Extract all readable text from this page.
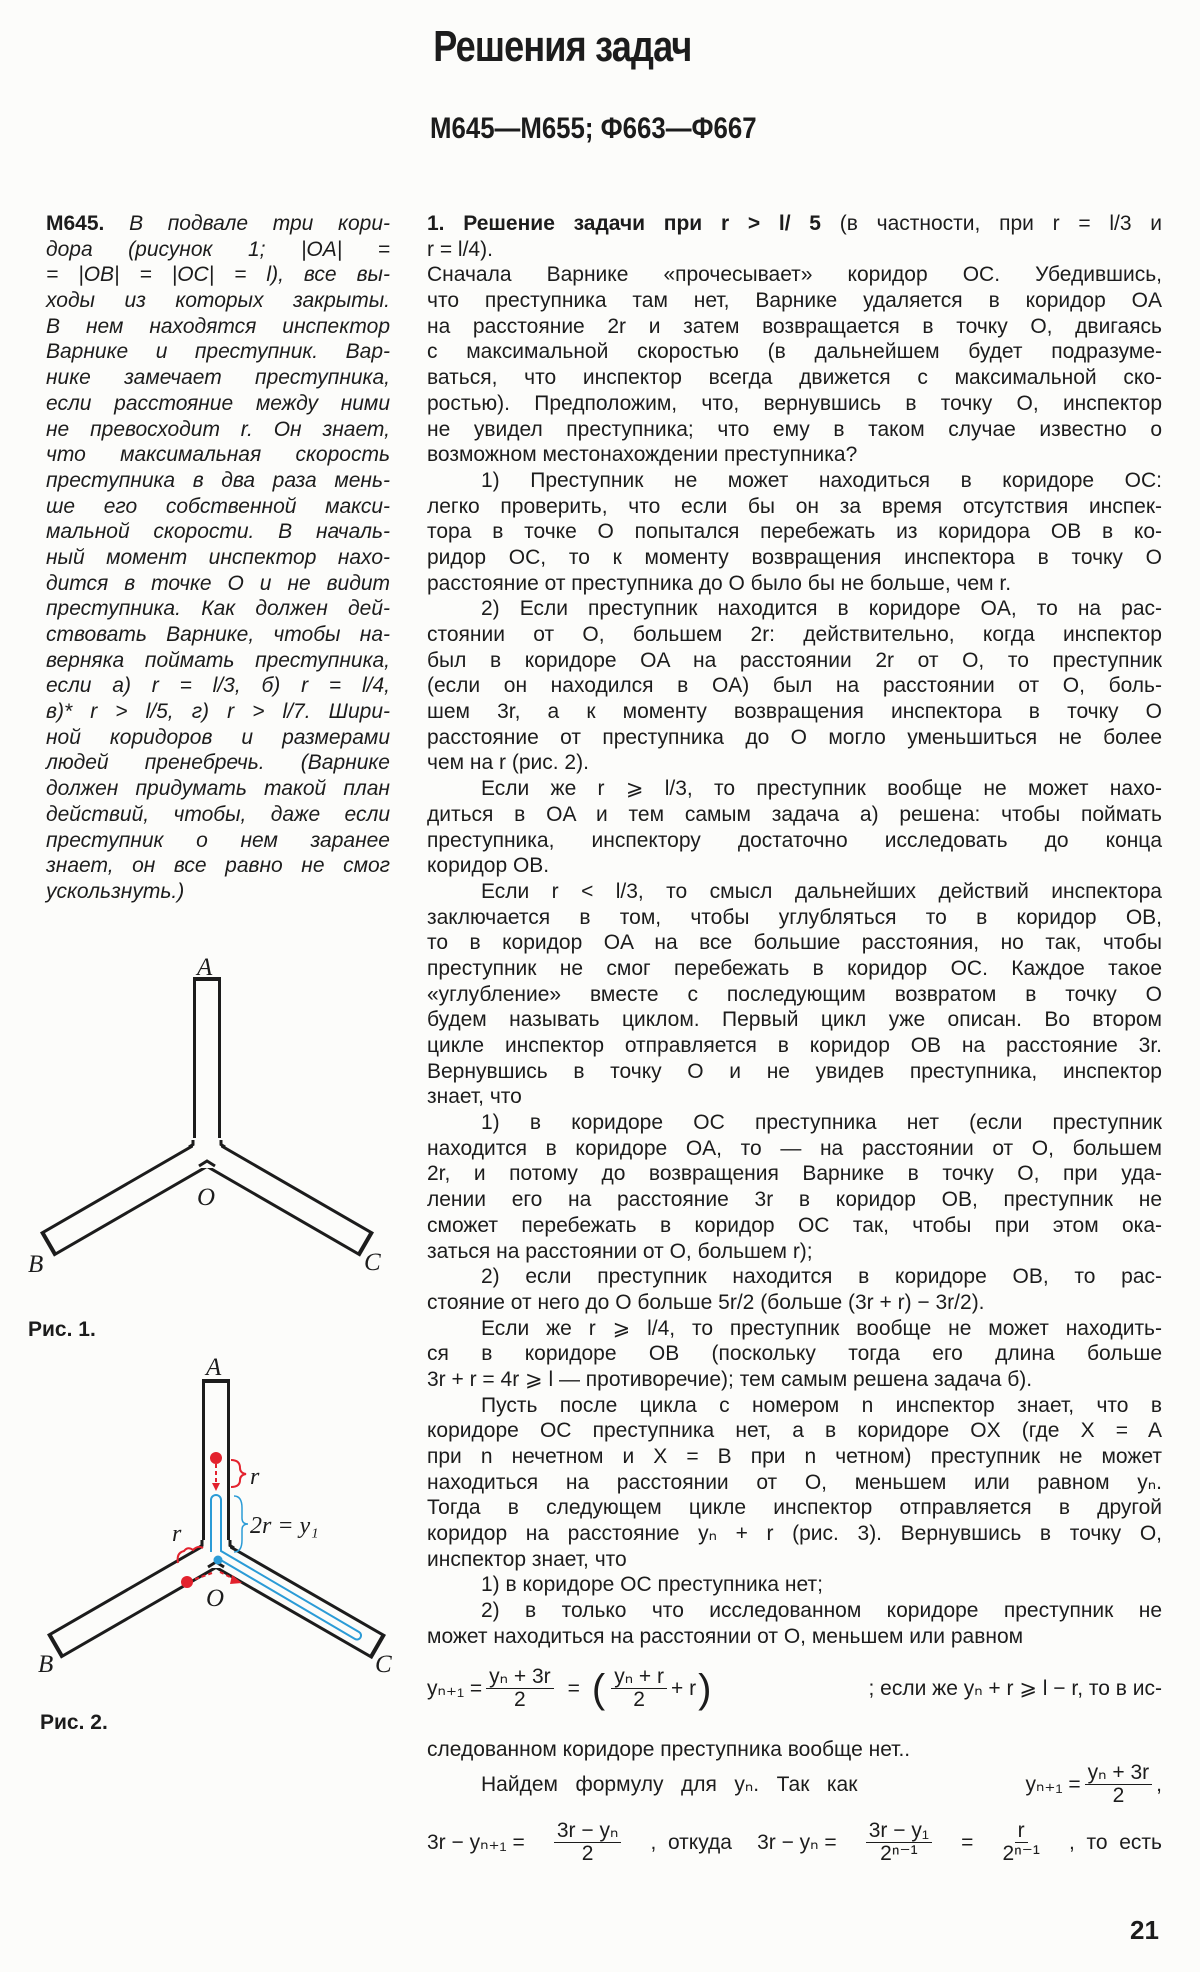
Решения задач
М645—М655; Ф663—Ф667
М645. В подвале три кори-
дора (рисунок 1; |OA| =
= |OB| = |OC| = l), все вы-
ходы из которых закрыты.
В нем находятся инспектор
Варнике и преступник. Вар-
нике замечает преступника,
если расстояние между ними
не превосходит r. Он знает,
что максимальная скорость
преступника в два раза мень-
ше его собственной макси-
мальной скорости. В началь-
ный момент инспектор нахо-
дится в точке O и не видит
преступника. Как должен дей-
ствовать Варнике, чтобы на-
верняка поймать преступника,
если а) r = l/3, б) r = l/4,
в)* r > l/5, г) r > l/7. Шири-
ной коридоров и размерами
людей пренебречь. (Варнике
должен придумать такой план
действий, чтобы, даже если
преступник о нем заранее
знает, он все равно не смог
ускользнуть.)
1. Решение задачи при r > l/ 5 (в частности, при r = l/3 и
r = l/4).
Сначала Варнике «прочесывает» коридор OC. Убедившись,
что преступника там нет, Варнике удаляется в коридор OA
на расстояние 2r и затем возвращается в точку O, двигаясь
с максимальной скоростью (в дальнейшем будет подразуме-
ваться, что инспектор всегда движется с максимальной ско-
ростью). Предположим, что, вернувшись в точку O, инспектор
не увидел преступника; что ему в таком случае известно о
возможном местонахождении преступника?
1) Преступник не может находиться в коридоре OC:
легко проверить, что если бы он за время отсутствия инспек-
тора в точке O попытался перебежать из коридора OB в ко-
ридор OC, то к моменту возвращения инспектора в точку O
расстояние от преступника до O было бы не больше, чем r.
2) Если преступник находится в коридоре OA, то на рас-
стоянии от O, большем 2r: действительно, когда инспектор
был в коридоре OA на расстоянии 2r от O, то преступник
(если он находился в OA) был на расстоянии от O, боль-
шем 3r, а к моменту возвращения инспектора в точку O
расстояние от преступника до O могло уменьшиться не более
чем на r (рис. 2).
Если же r ⩾ l/3, то преступник вообще не может нахо-
диться в OA и тем самым задача а) решена: чтобы поймать
преступника, инспектору достаточно исследовать до конца
коридор OB.
Если r < l/3, то смысл дальнейших действий инспектора
заключается в том, чтобы углубляться то в коридор OB,
то в коридор OA на все большие расстояния, но так, чтобы
преступник не смог перебежать в коридор OC. Каждое такое
«углубление» вместе с последующим возвратом в точку O
будем называть циклом. Первый цикл уже описан. Во втором
цикле инспектор отправляется в коридор OB на расстояние 3r.
Вернувшись в точку O и не увидев преступника, инспектор
знает, что
1) в коридоре OC преступника нет (если преступник
находится в коридоре OA, то — на расстоянии от O, большем
2r, и потому до возвращения Варнике в точку O, при уда-
лении его на расстояние 3r в коридор OB, преступник не
сможет перебежать в коридор OC так, чтобы при этом ока-
заться на расстоянии от O, большем r);
2) если преступник находится в коридоре OB, то рас-
стояние от него до O больше 5r/2 (больше (3r + r) − 3r/2).
Если же r ⩾ l/4, то преступник вообще не может находить-
ся в коридоре OB (поскольку тогда его длина больше
3r + r = 4r ⩾ l — противоречие); тем самым решена задача б).
Пусть после цикла с номером n инспектор знает, что в
коридоре OC преступника нет, а в коридоре OX (где X = A
при n нечетном и X = B при n четном) преступник не может
находиться на расстоянии от O, меньшем или равном yₙ.
Тогда в следующем цикле инспектор отправляется в другой
коридор на расстояние yₙ + r (рис. 3). Вернувшись в точку O,
инспектор знает, что
1) в коридоре OC преступника нет;
2) в только что исследованном коридоре преступник не
может находиться на расстоянии от O, меньшем или равном
$y_{n+1} = \frac{\text{yₙ + 3r}}{2}$ = ( $\frac{\text{yₙ + r}}{2} + r$ )	; если же yₙ + r ⩾ l − r, то в ис-
следованном коридоре преступника вообще нет..
Найдем   формулу   для   yₙ.   Так   как	$y_{n+1} = \frac{\text{yₙ + 3r}}{2}$ ,
$3r - y_{n+1} = \frac{\text{3r − yₙ}}{2}$ ,  откуда $3r - y_n = \frac{\text{3r − y₁}}{\text{2ⁿ⁻¹}} = \frac{r}{\text{2ⁿ⁻¹}}$ ,  то  есть
A
O
B	C
r
2r = y₁
r
A
O
B	C
Рис. 1.
Рис. 2.
21
